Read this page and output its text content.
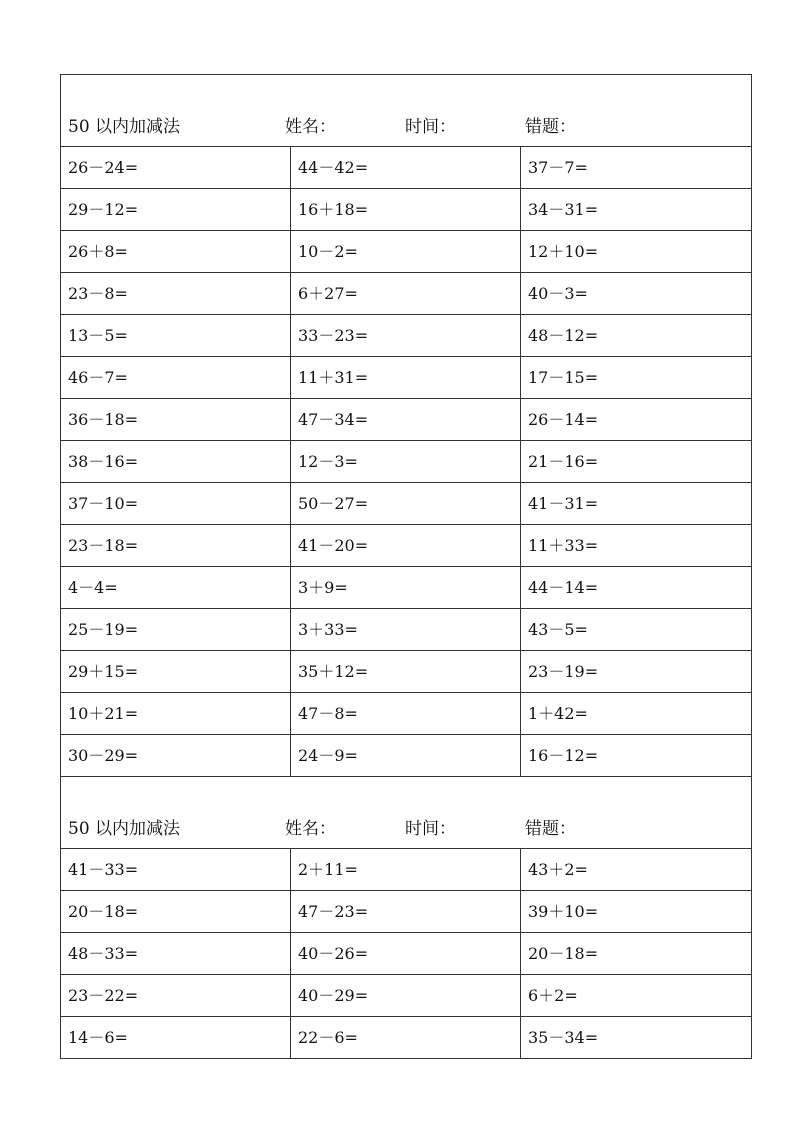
50 以内加减法 姓名： 时间： 错题：		

26－24=	44－42=	37－7=
29－12=	16＋18=	34－31=
26＋8=	10－2=	12＋10=
23－8=	6＋27=	40－3=
13－5=	33－23=	48－12=
46－7=	11＋31=	17－15=
36－18=	47－34=	26－14=
38－16=	12－3=	21－16=
37－10=	50－27=	41－31=
23－18=	41－20=	11＋33=
4－4=	3＋9=	44－14=
25－19=	3＋33=	43－5=
29＋15=	35＋12=	23－19=
10＋21=	47－8=	1＋42=
30－29=	24－9=	16－12=

50 以内加减法 姓名： 时间： 错题：		

41－33=	2＋11=	43＋2=
20－18=	47－23=	39＋10=
48－33=	40－26=	20－18=
23－22=	40－29=	6＋2=
14－6=	22－6=	35－34=
